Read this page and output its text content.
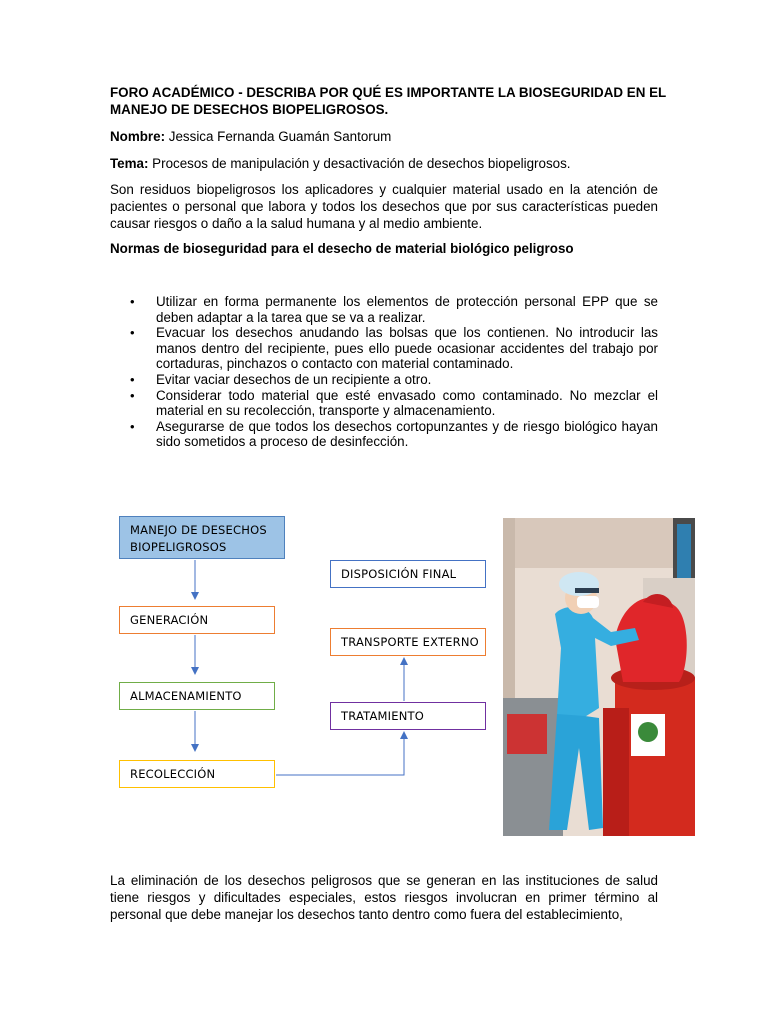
FORO ACADÉMICO - DESCRIBA POR QUÉ ES IMPORTANTE LA BIOSEGURIDAD EN EL MANEJO DE DESECHOS BIOPELIGROSOS.
Nombre: Jessica Fernanda Guamán Santorum
Tema: Procesos de manipulación y desactivación de desechos biopeligrosos.
Son residuos biopeligrosos los aplicadores y cualquier material usado en la atención de pacientes o personal que labora y todos los desechos que por sus características pueden causar riesgos o daño a la salud humana y al medio ambiente.
Normas de bioseguridad para el desecho de material biológico peligroso
• Utilizar en forma permanente los elementos de protección personal EPP que se deben adaptar a la tarea que se va a realizar.
• Evacuar los desechos anudando las bolsas que los contienen. No introducir las manos dentro del recipiente, pues ello puede ocasionar accidentes del trabajo por cortaduras, pinchazos o contacto con material contaminado.
• Evitar vaciar desechos de un recipiente a otro.
• Considerar todo material que esté envasado como contaminado. No mezclar el material en su recolección, transporte y almacenamiento.
• Asegurarse de que todos los desechos cortopunzantes y de riesgo biológico hayan sido sometidos a proceso de desinfección.
MANEJO DE DESECHOS
BIOPELIGROSOS
GENERACIÓN
ALMACENAMIENTO
RECOLECCIÓN
DISPOSICIÓN FINAL
TRANSPORTE EXTERNO
TRATAMIENTO
La eliminación de los desechos peligrosos que se generan en las instituciones de salud tiene riesgos y dificultades especiales, estos riesgos involucran en primer término al personal que debe manejar los desechos tanto dentro como fuera del establecimiento,
